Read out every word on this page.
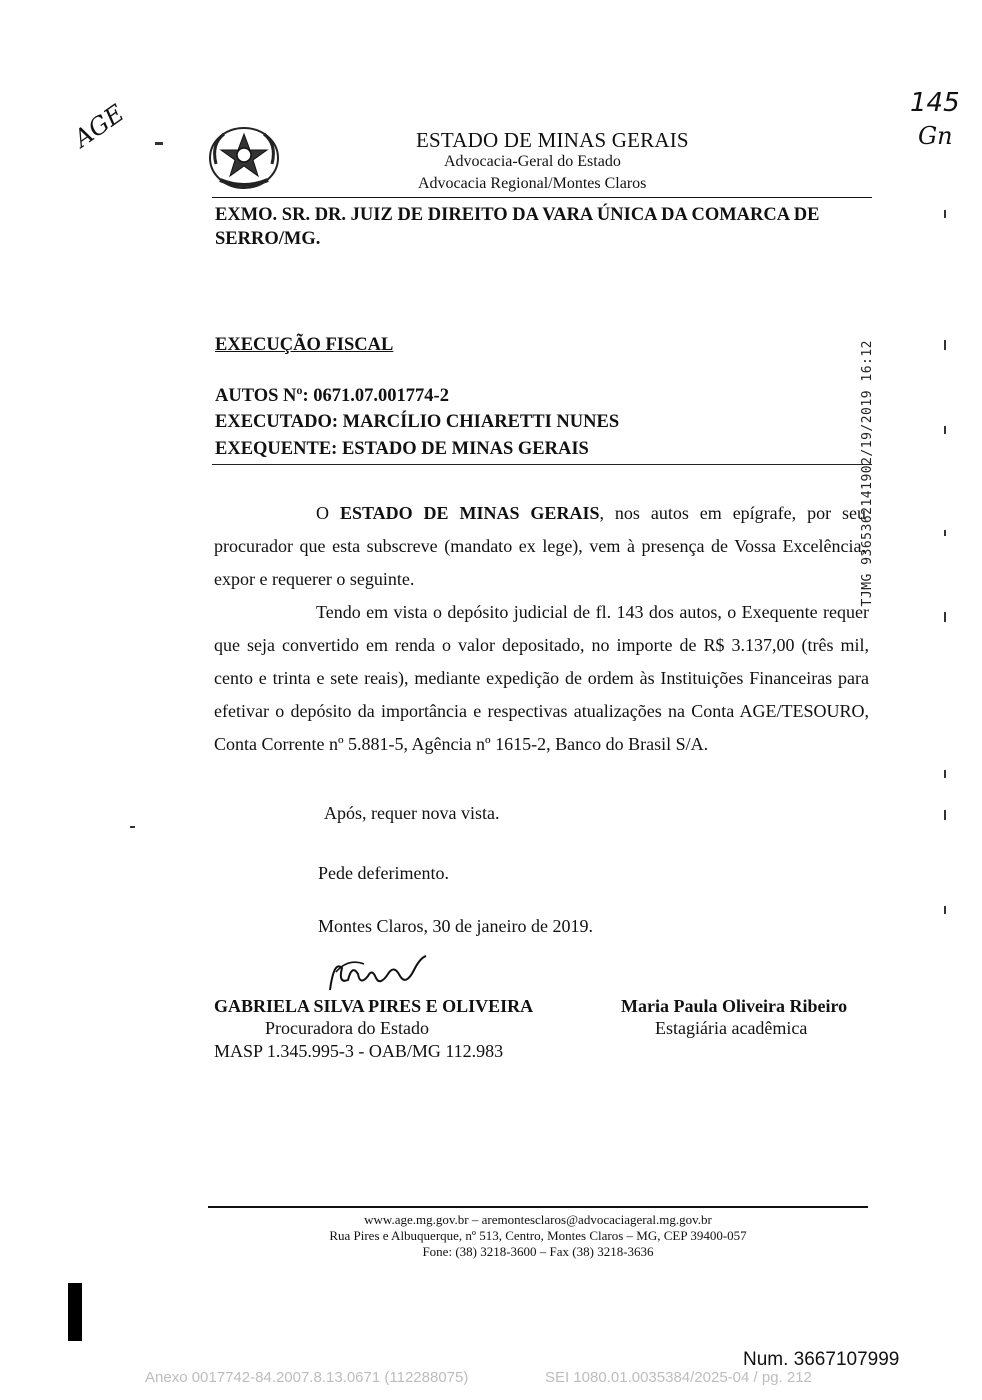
ESTADO DE MINAS GERAIS
Advocacia-Geral do Estado
Advocacia Regional/Montes Claros
AGE	145
Gn
EXMO. SR. DR. JUIZ DE DIREITO DA VARA ÚNICA DA COMARCA DE SERRO/MG.
EXECUÇÃO FISCAL
AUTOS Nº: 0671.07.001774-2
EXECUTADO: MARCÍLIO CHIARETTI NUNES
EXEQUENTE: ESTADO DE MINAS GERAIS	TJMG 9365362141902/19/2019 16:12
O ESTADO DE MINAS GERAIS, nos autos em epígrafe, por seu procurador que esta subscreve (mandato ex lege), vem à presença de Vossa Excelência, expor e requerer o seguinte.
Tendo em vista o depósito judicial de fl. 143 dos autos, o Exequente requer que seja convertido em renda o valor depositado, no importe de R$ 3.137,00 (três mil, cento e trinta e sete reais), mediante expedição de ordem às Instituições Financeiras para efetivar o depósito da importância e respectivas atualizações na Conta AGE/TESOURO, Conta Corrente nº 5.881-5, Agência nº 1615-2, Banco do Brasil S/A.
Após, requer nova vista.
Pede deferimento.
Montes Claros, 30 de janeiro de 2019.
GABRIELA SILVA PIRES E OLIVEIRA
Procuradora do Estado
MASP 1.345.995-3 - OAB/MG 112.983
Maria Paula Oliveira Ribeiro
Estagiária acadêmica
www.age.mg.gov.br – aremontesclaros@advocaciageral.mg.gov.br
Rua Pires e Albuquerque, nº 513, Centro, Montes Claros – MG, CEP 39400-057
Fone: (38) 3218-3600 – Fax (38) 3218-3636
Num. 3667107999
Anexo 0017742-84.2007.8.13.0671 (112288075)	SEI 1080.01.0035384/2025-04 / pg. 212
